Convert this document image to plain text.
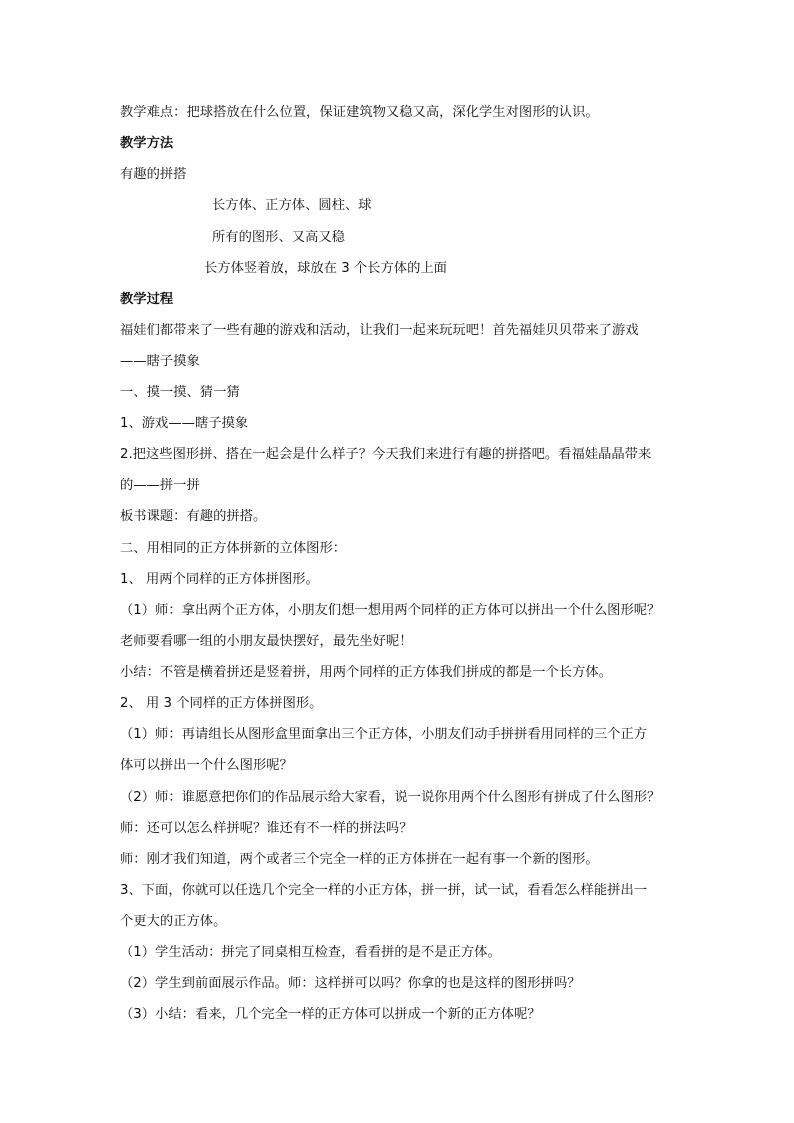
教学难点：把球搭放在什么位置，保证建筑物又稳又高，深化学生对图形的认识。
教学方法
有趣的拼搭
长方体、正方体、圆柱、球
所有的图形、又高又稳
长方体竖着放，球放在 3 个长方体的上面
教学过程
福娃们都带来了一些有趣的游戏和活动，让我们一起来玩玩吧！首先福娃贝贝带来了游戏
——瞎子摸象
一、摸一摸、猜一猜
1、游戏——瞎子摸象
2.把这些图形拼、搭在一起会是什么样子？今天我们来进行有趣的拼搭吧。看福娃晶晶带来
的——拼一拼
板书课题：有趣的拼搭。
二、用相同的正方体拼新的立体图形：
1、 用两个同样的正方体拼图形。
（1）师：拿出两个正方体，小朋友们想一想用两个同样的正方体可以拼出一个什么图形呢？
老师要看哪一组的小朋友最快摆好，最先坐好呢！
小结：不管是横着拼还是竖着拼，用两个同样的正方体我们拼成的都是一个长方体。
2、 用 3 个同样的正方体拼图形。
（1）师：再请组长从图形盒里面拿出三个正方体，小朋友们动手拼拼看用同样的三个正方
体可以拼出一个什么图形呢？
（2）师：谁愿意把你们的作品展示给大家看，说一说你用两个什么图形有拼成了什么图形？
师：还可以怎么样拼呢？谁还有不一样的拼法吗？
师：刚才我们知道，两个或者三个完全一样的正方体拼在一起有事一个新的图形。
3、下面，你就可以任选几个完全一样的小正方体，拼一拼，试一试，看看怎么样能拼出一
个更大的正方体。
（1）学生活动：拼完了同桌相互检查，看看拼的是不是正方体。
（2）学生到前面展示作品。师：这样拼可以吗？你拿的也是这样的图形拼吗？
（3）小结：看来，几个完全一样的正方体可以拼成一个新的正方体呢？
